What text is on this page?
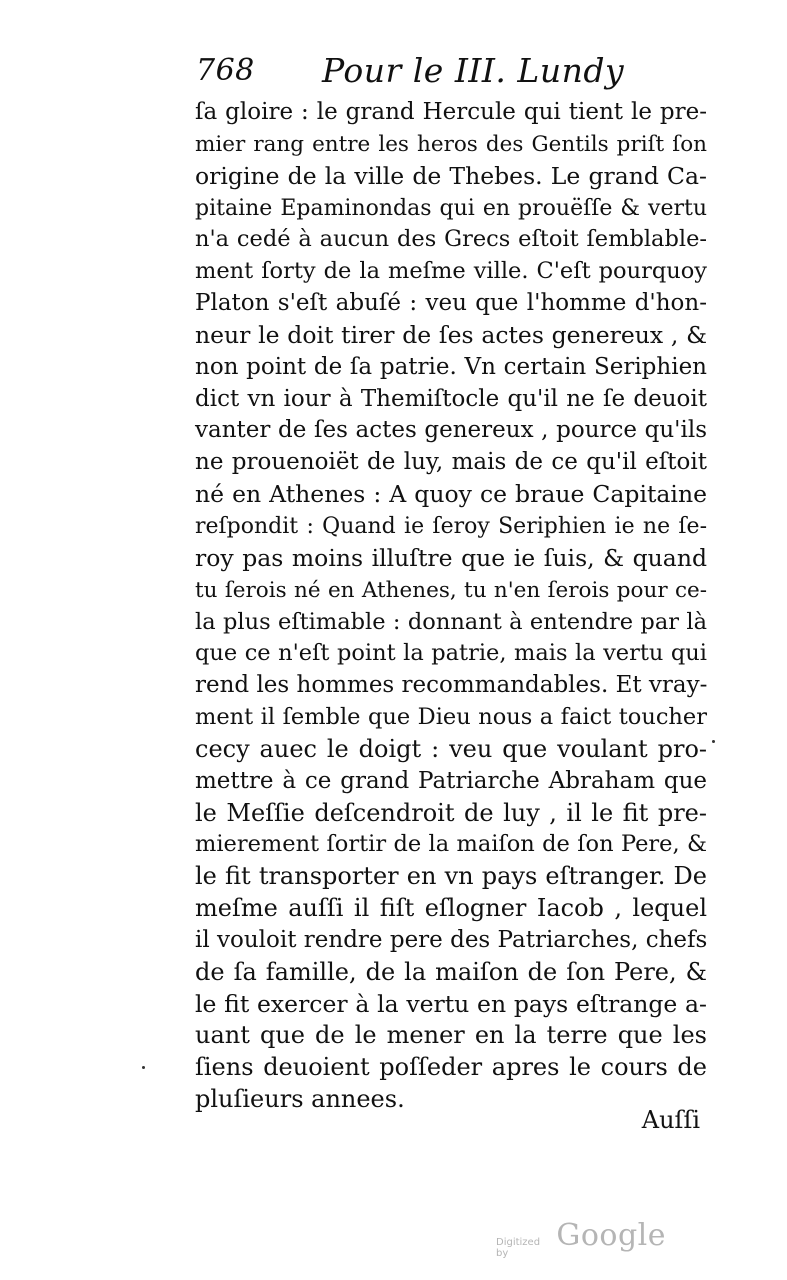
768 Pour le III. Lundy
ſa gloire : le grand Hercule qui tient le pre-
mier rang entre les heros des Gentils priſt ſon
origine de la ville de Thebes. Le grand Ca-
pitaine Epaminondas qui en prouëſſe & vertu
n'a cedé à aucun des Grecs eſtoit ſemblable-
ment ſorty de la meſme ville. C'eſt pourquoy
Platon s'eſt abuſé : veu que l'homme d'hon-
neur le doit tirer de ſes actes genereux , &
non point de ſa patrie. Vn certain Seriphien
dict vn iour à Themiſtocle qu'il ne ſe deuoit
vanter de ſes actes genereux , pource qu'ils
ne prouenoiët de luy, mais de ce qu'il eſtoit
né en Athenes : A quoy ce braue Capitaine
reſpondit : Quand ie ſeroy Seriphien ie ne ſe-
roy pas moins illuſtre que ie ſuis, & quand
tu ſerois né en Athenes, tu n'en ſerois pour ce-
la plus eſtimable : donnant à entendre par là
que ce n'eſt point la patrie, mais la vertu qui
rend les hommes recommandables. Et vray-
ment il ſemble que Dieu nous a faict toucher
cecy auec le doigt : veu que voulant pro-
mettre à ce grand Patriarche Abraham que
le Meſſie deſcendroit de luy , il le fit pre-
mierement ſortir de la maiſon de ſon Pere, &
le fit transporter en vn pays eſtranger. De
meſme auſſi il fiſt eſlogner Iacob , lequel
il vouloit rendre pere des Patriarches, chefs
de ſa famille, de la maiſon de ſon Pere, &
le fit exercer à la vertu en pays eſtrange a-
uant que de le mener en la terre que les
ſiens deuoient poſſeder apres le cours de
pluſieurs annees.
Auſſi
Digitized by
Google
